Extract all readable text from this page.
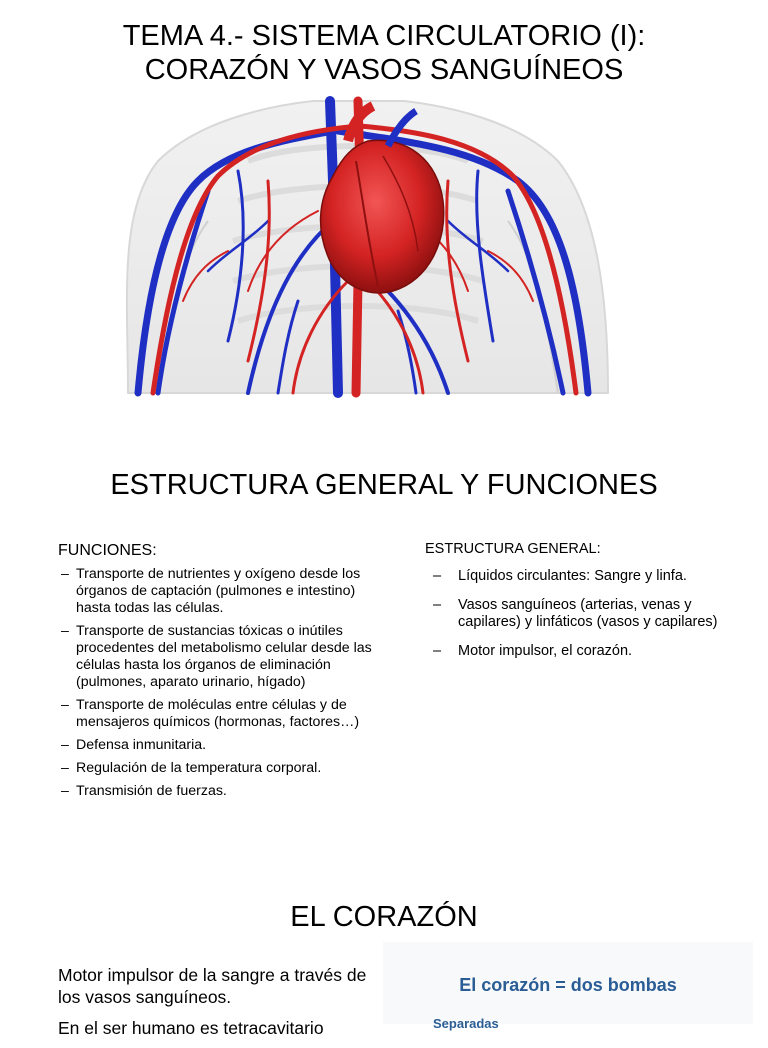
TEMA 4.- SISTEMA CIRCULATORIO (I):
CORAZÓN Y VASOS SANGUÍNEOS
ESTRUCTURA GENERAL Y FUNCIONES
FUNCIONES:
– Transporte de nutrientes y oxígeno desde los órganos de captación (pulmones e intestino) hasta todas las células.
– Transporte de sustancias tóxicas o inútiles procedentes del metabolismo celular desde las células hasta los órganos de eliminación (pulmones, aparato urinario, hígado)
– Transporte de moléculas entre células y de mensajeros químicos (hormonas, factores…)
– Defensa inmunitaria.
– Regulación de la temperatura corporal.
– Transmisión de fuerzas.
ESTRUCTURA GENERAL:
– Líquidos circulantes: Sangre y linfa.
– Vasos sanguíneos (arterias, venas y capilares) y linfáticos (vasos y capilares)
– Motor impulsor, el corazón.
EL CORAZÓN

Motor impulsor de la sangre a través de los vasos sanguíneos.

En el ser humano es tetracavitario

El corazón = dos bombas
Separadas
